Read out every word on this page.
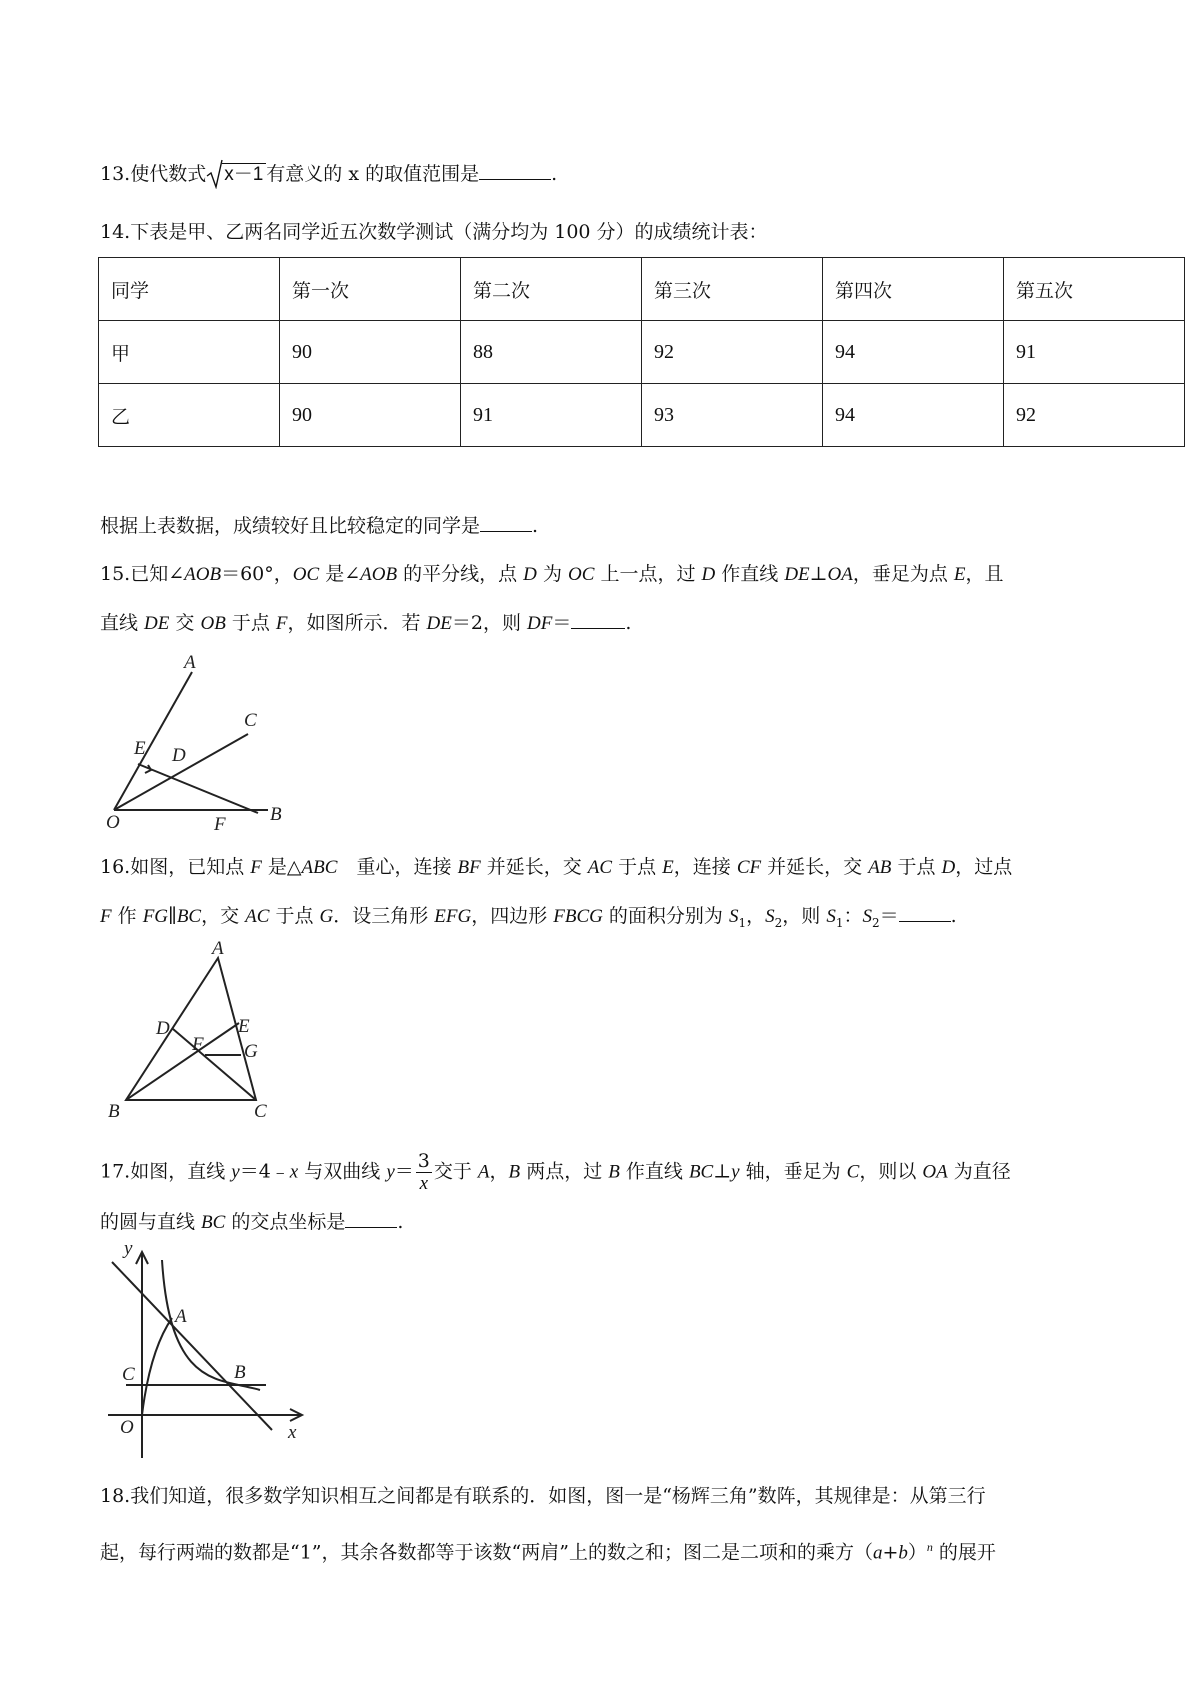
13.使代数式 x－1 有意义的 x 的取值范围是	.
14.下表是甲、乙两名同学近五次数学测试（满分均为 100 分）的成绩统计表：
同学	第一次	第二次	第三次	第四次	第五次
甲	90	88	92	94	91
乙	90	91	93	94	92
根据上表数据，成绩较好且比较稳定的同学是	.
15.已知∠AOB＝60°，OC 是∠AOB 的平分线，点 D 为 OC 上一点，过 D 作直线 DE⊥OA，垂足为点 E，且
直线 DE 交 OB 于点 F，如图所示．若 DE＝2，则 DF＝	.
A
C
E D
O	F B
16.如图，已知点 F 是△ABC　重心，连接 BF 并延长，交 AC 于点 E，连接 CF 并延长，交 AB 于点 D，过点
F 作 FG∥BC，交 AC 于点 G．设三角形 EFG，四边形 FBCG 的面积分别为 $S_1$，$S_2$，则 $S_1$：$S_2=$	.
A
D	E
F G
B	C
17.如图，直线 y＝4﹣x 与双曲线 $y= \frac{3}{x}$ 交于 A，B 两点，过 B 作直线 BC⊥y 轴，垂足为 C，则以 OA 为直径
的圆与直线 BC 的交点坐标是	.
y
A
C	B
O	x
18.我们知道，很多数学知识相互之间都是有联系的．如图，图一是“杨辉三角”数阵，其规律是：从第三行
起，每行两端的数都是“1”，其余各数都等于该数“两肩”上的数之和；图二是二项和的乘方$(a+b)^n$ 的展开
